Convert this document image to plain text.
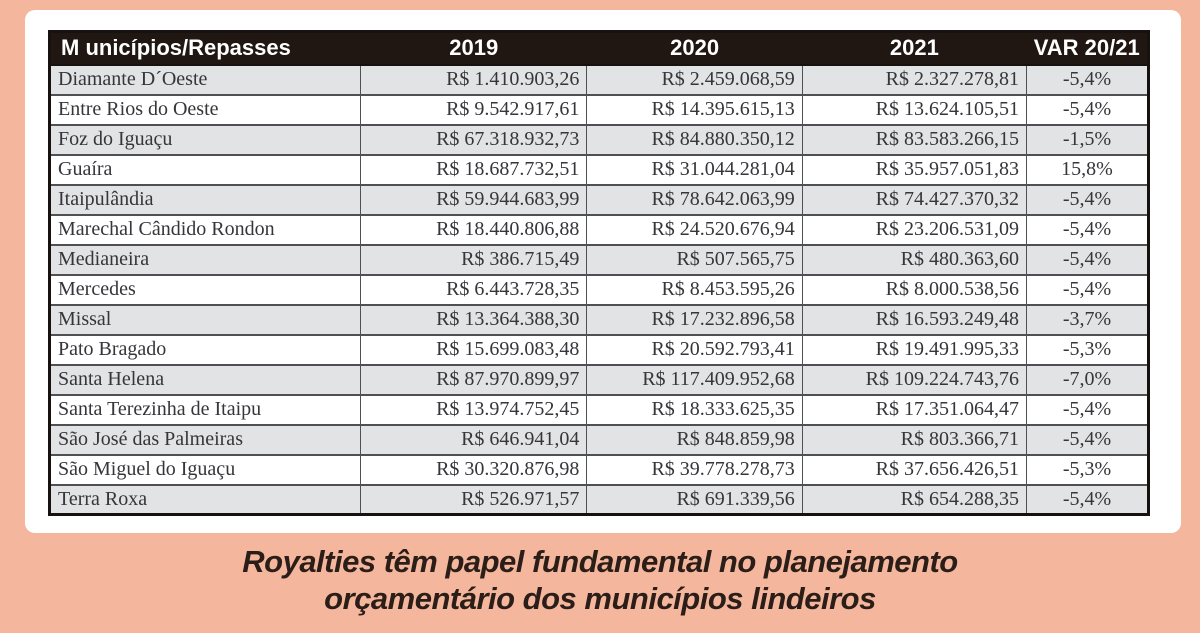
M unicípios/Repasses	2019	2020	2021	VAR 20/21
Diamante D´Oeste	R$ 1.410.903,26	R$ 2.459.068,59	R$ 2.327.278,81	-5,4%
Entre Rios do Oeste	R$ 9.542.917,61	R$ 14.395.615,13	R$ 13.624.105,51	-5,4%
Foz do Iguaçu	R$ 67.318.932,73	R$ 84.880.350,12	R$ 83.583.266,15	-1,5%
Guaíra	R$ 18.687.732,51	R$ 31.044.281,04	R$ 35.957.051,83	15,8%
Itaipulândia	R$ 59.944.683,99	R$ 78.642.063,99	R$ 74.427.370,32	-5,4%
Marechal Cândido Rondon	R$ 18.440.806,88	R$ 24.520.676,94	R$ 23.206.531,09	-5,4%
Medianeira	R$ 386.715,49	R$ 507.565,75	R$ 480.363,60	-5,4%
Mercedes	R$ 6.443.728,35	R$ 8.453.595,26	R$ 8.000.538,56	-5,4%
Missal	R$ 13.364.388,30	R$ 17.232.896,58	R$ 16.593.249,48	-3,7%
Pato Bragado	R$ 15.699.083,48	R$ 20.592.793,41	R$ 19.491.995,33	-5,3%
Santa Helena	R$ 87.970.899,97	R$ 117.409.952,68	R$ 109.224.743,76	-7,0%
Santa Terezinha de Itaipu	R$ 13.974.752,45	R$ 18.333.625,35	R$ 17.351.064,47	-5,4%
São José das Palmeiras	R$ 646.941,04	R$ 848.859,98	R$ 803.366,71	-5,4%
São Miguel do Iguaçu	R$ 30.320.876,98	R$ 39.778.278,73	R$ 37.656.426,51	-5,3%
Terra Roxa	R$ 526.971,57	R$ 691.339,56	R$ 654.288,35	-5,4%
Royalties têm papel fundamental no planejamento
orçamentário dos municípios lindeiros
